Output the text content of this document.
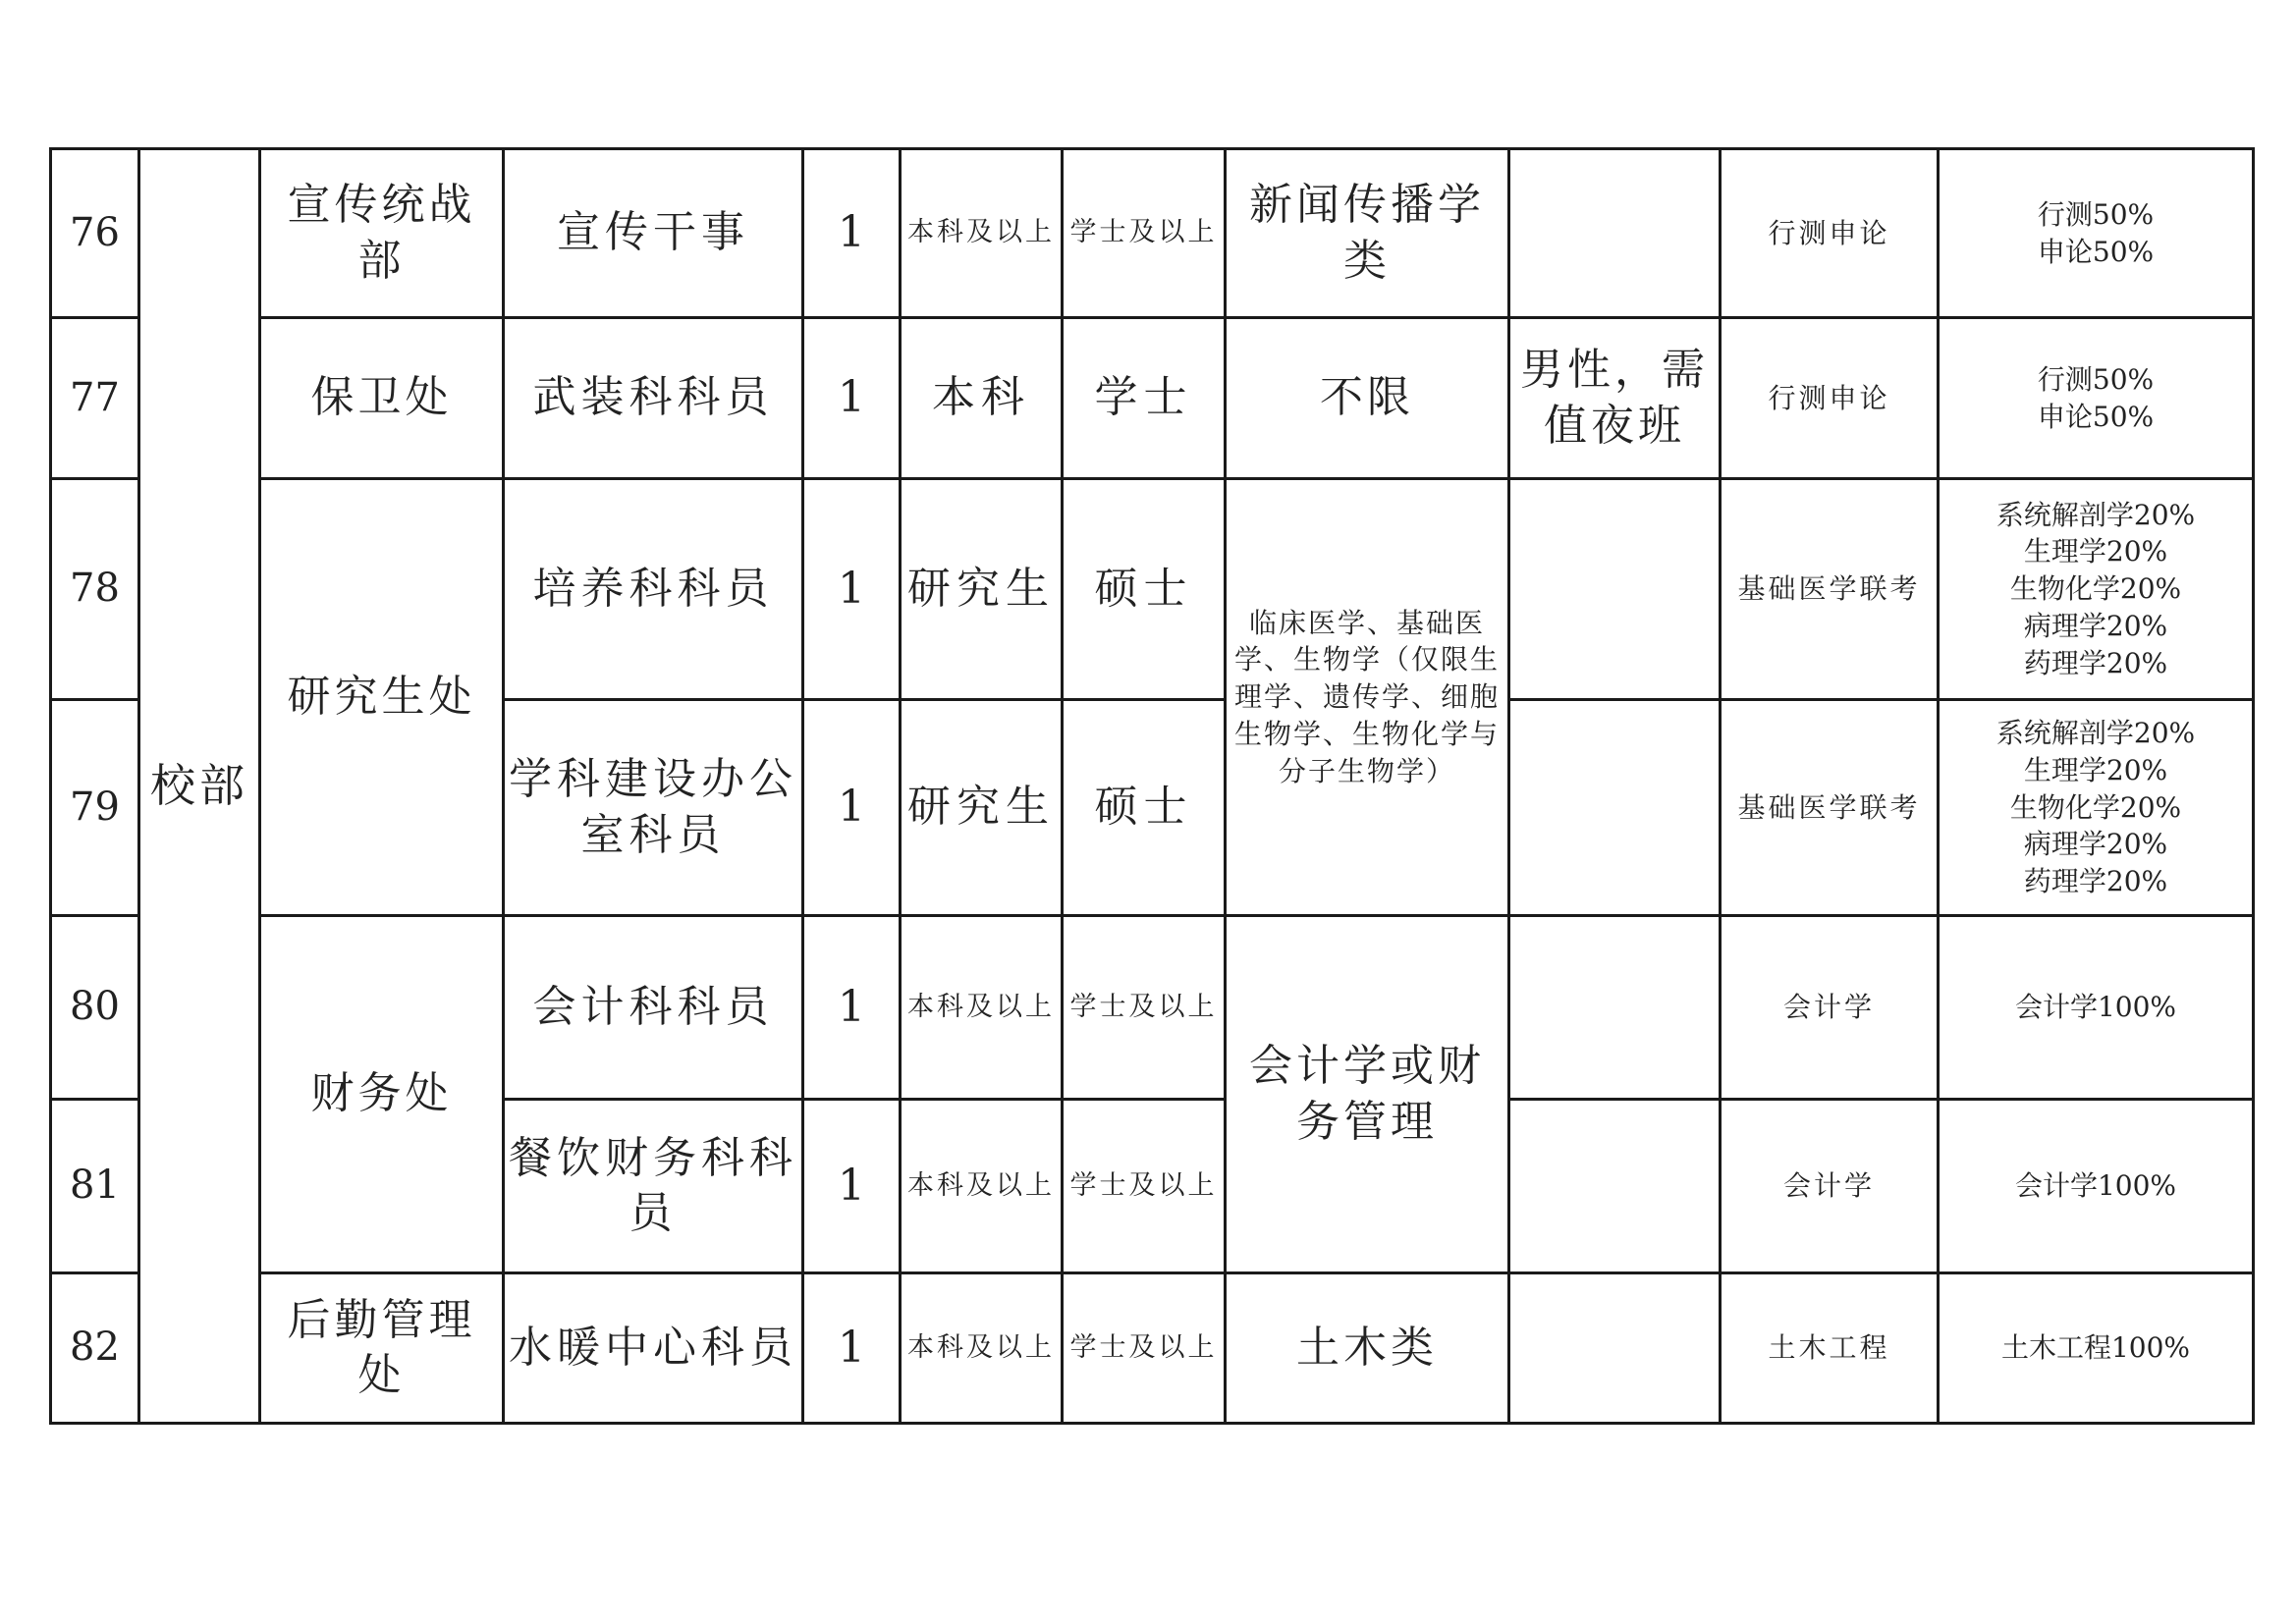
76	校部	宣传统战部	宣传干事	1	本科及以上	学士及以上	新闻传播学类		行测申论	行测50%
申论50%

77		保卫处	武装科科员	1	本科	学士	不限	男性，需值夜班	行测申论	行测50%
申论50%

78		研究生处	培养科科员	1	研究生	硕士	临床医学、基础医学、生物学（仅限生理学、遗传学、细胞生物学、生物化学与分子生物学）		基础医学联考	系统解剖学20%
生理学20%
生物化学20%
病理学20%
药理学20%

79			学科建设办公室科员	1	研究生	硕士			基础医学联考	系统解剖学20%
生理学20%
生物化学20%
病理学20%
药理学20%

80		财务处	会计科科员	1	本科及以上	学士及以上	会计学或财务管理		会计学	会计学100%

81			餐饮财务科科员	1	本科及以上	学士及以上			会计学	会计学100%

82		后勤管理处	水暖中心科员	1	本科及以上	学士及以上	土木类		土木工程	土木工程100%
